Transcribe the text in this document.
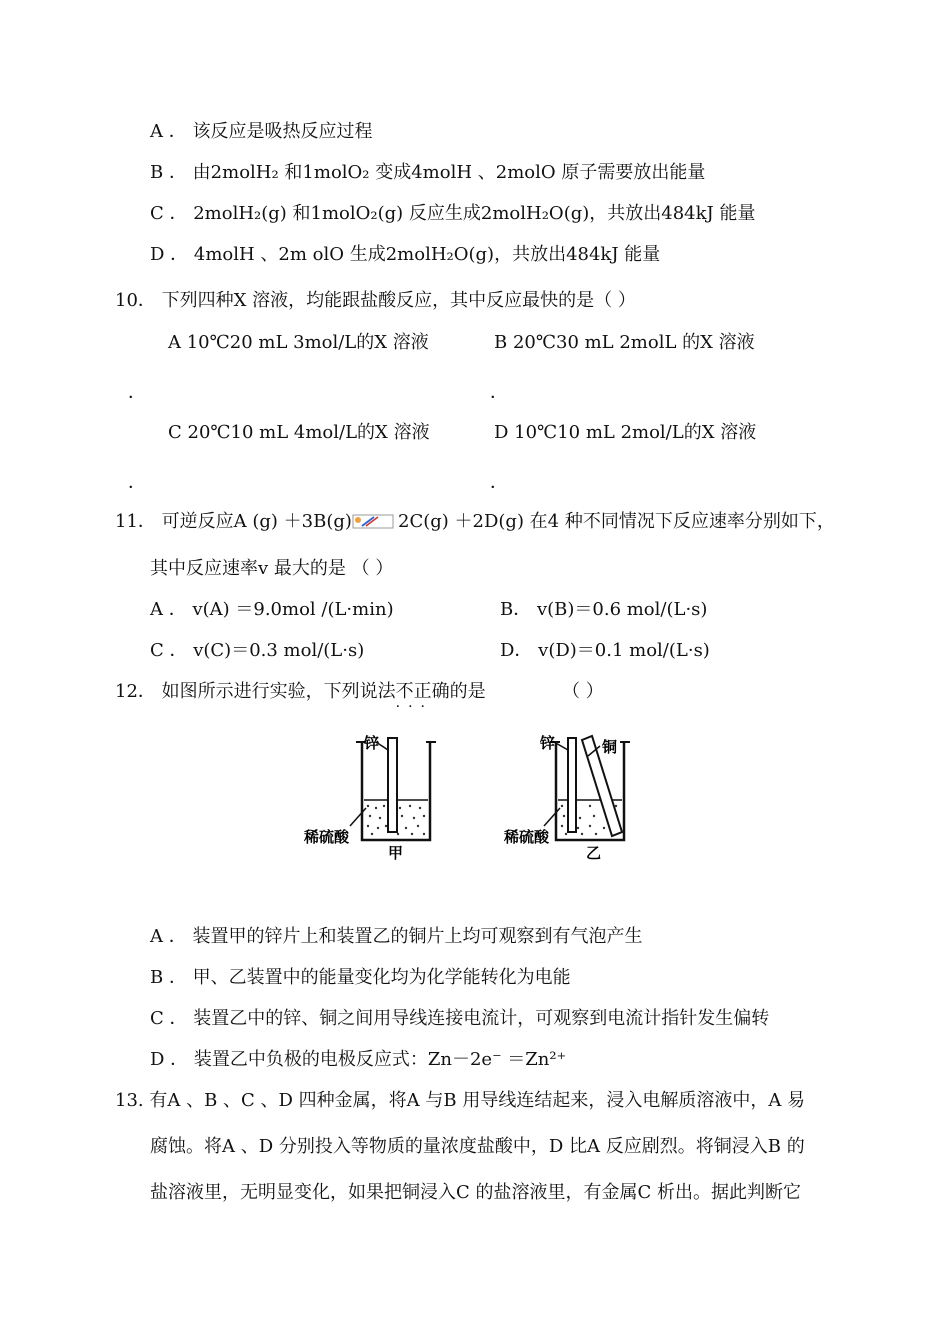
A ． 该反应是吸热反应过程
B ． 由2molH₂ 和1molO₂ 变成4molH 、2molO 原子需要放出能量
C ． 2molH₂(g) 和1molO₂(g) 反应生成2molH₂O(g)，共放出484kJ 能量
D ． 4molH 、2m olO 生成2molH₂O(g)，共放出484kJ 能量
10． 下列四种X 溶液，均能跟盐酸反应，其中反应最快的是（ ）
A 10℃20 mL 3mol/L的X 溶液	B 20℃30 mL 2molL 的X 溶液
．	．
C 20℃10 mL 4mol/L的X 溶液	D 10℃10 mL 2mol/L的X 溶液
．	．
11． 可逆反应A (g) ＋3B(g)	2C(g) ＋2D(g) 在4 种不同情况下反应速率分别如下，
其中反应速率v 最大的是 （ ）
A ． v(A) ＝9.0mol /(L·min)	B． v(B)＝0.6 mol/(L·s)
C ． v(C)＝0.3 mol/(L·s)	D． v(D)＝0.1 mol/(L·s)
12． 如图所示进行实验，下列说法不正确
···
的是	（ ）
锌
稀硫酸
甲
锌	铜
稀硫酸
乙
A ． 装置甲的锌片上和装置乙的铜片上均可观察到有气泡产生
B ． 甲、乙装置中的能量变化均为化学能转化为电能
C ． 装置乙中的锌、铜之间用导线连接电流计，可观察到电流计指针发生偏转
D ． 装置乙中负极的电极反应式：Zn－2e⁻ ＝Zn²⁺
13. 有A 、B 、C 、D 四种金属，将A 与B 用导线连结起来，浸入电解质溶液中，A 易
腐蚀。将A 、D 分别投入等物质的量浓度盐酸中，D 比A 反应剧烈。将铜浸入B 的
盐溶液里，无明显变化，如果把铜浸入C 的盐溶液里，有金属C 析出。据此判断它
